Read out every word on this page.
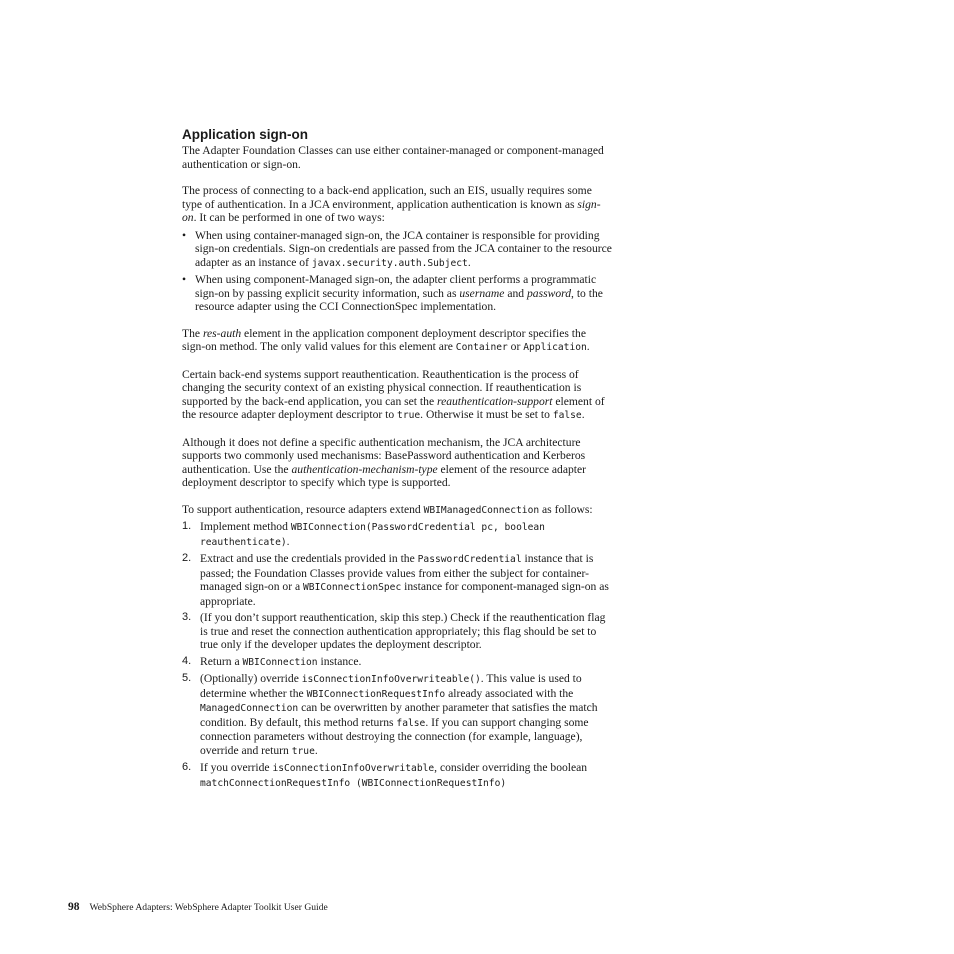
Application sign-on

The Adapter Foundation Classes can use either container-managed or component-managed authentication or sign-on.

The process of connecting to a back-end application, such an EIS, usually requires some type of authentication. In a JCA environment, application authentication is known as sign-on. It can be performed in one of two ways:

• When using container-managed sign-on, the JCA container is responsible for providing sign-on credentials. Sign-on credentials are passed from the JCA container to the resource adapter as an instance of javax.security.auth.Subject.
• When using component-Managed sign-on, the adapter client performs a programmatic sign-on by passing explicit security information, such as username and password, to the resource adapter using the CCI ConnectionSpec implementation.

The res-auth element in the application component deployment descriptor specifies the sign-on method. The only valid values for this element are Container or Application.

Certain back-end systems support reauthentication. Reauthentication is the process of changing the security context of an existing physical connection. If reauthentication is supported by the back-end application, you can set the reauthentication-support element of the resource adapter deployment descriptor to true. Otherwise it must be set to false.

Although it does not define a specific authentication mechanism, the JCA architecture supports two commonly used mechanisms: BasePassword authentication and Kerberos authentication. Use the authentication-mechanism-type element of the resource adapter deployment descriptor to specify which type is supported.

To support authentication, resource adapters extend WBIManagedConnection as follows:

1. Implement method WBIConnection(PasswordCredential pc, boolean reauthenticate).
2. Extract and use the credentials provided in the PasswordCredential instance that is passed; the Foundation Classes provide values from either the subject for container-managed sign-on or a WBIConnectionSpec instance for component-managed sign-on as appropriate.
3. (If you don’t support reauthentication, skip this step.) Check if the reauthentication flag is true and reset the connection authentication appropriately; this flag should be set to true only if the developer updates the deployment descriptor.
4. Return a WBIConnection instance.
5. (Optionally) override isConnectionInfoOverwriteable(). This value is used to determine whether the WBIConnectionRequestInfo already associated with the ManagedConnection can be overwritten by another parameter that satisfies the match condition. By default, this method returns false. If you can support changing some connection parameters without destroying the connection (for example, language), override and return true.
6. If you override isConnectionInfoOverwritable, consider overriding the boolean matchConnectionRequestInfo (WBIConnectionRequestInfo)
98 WebSphere Adapters: WebSphere Adapter Toolkit User Guide
